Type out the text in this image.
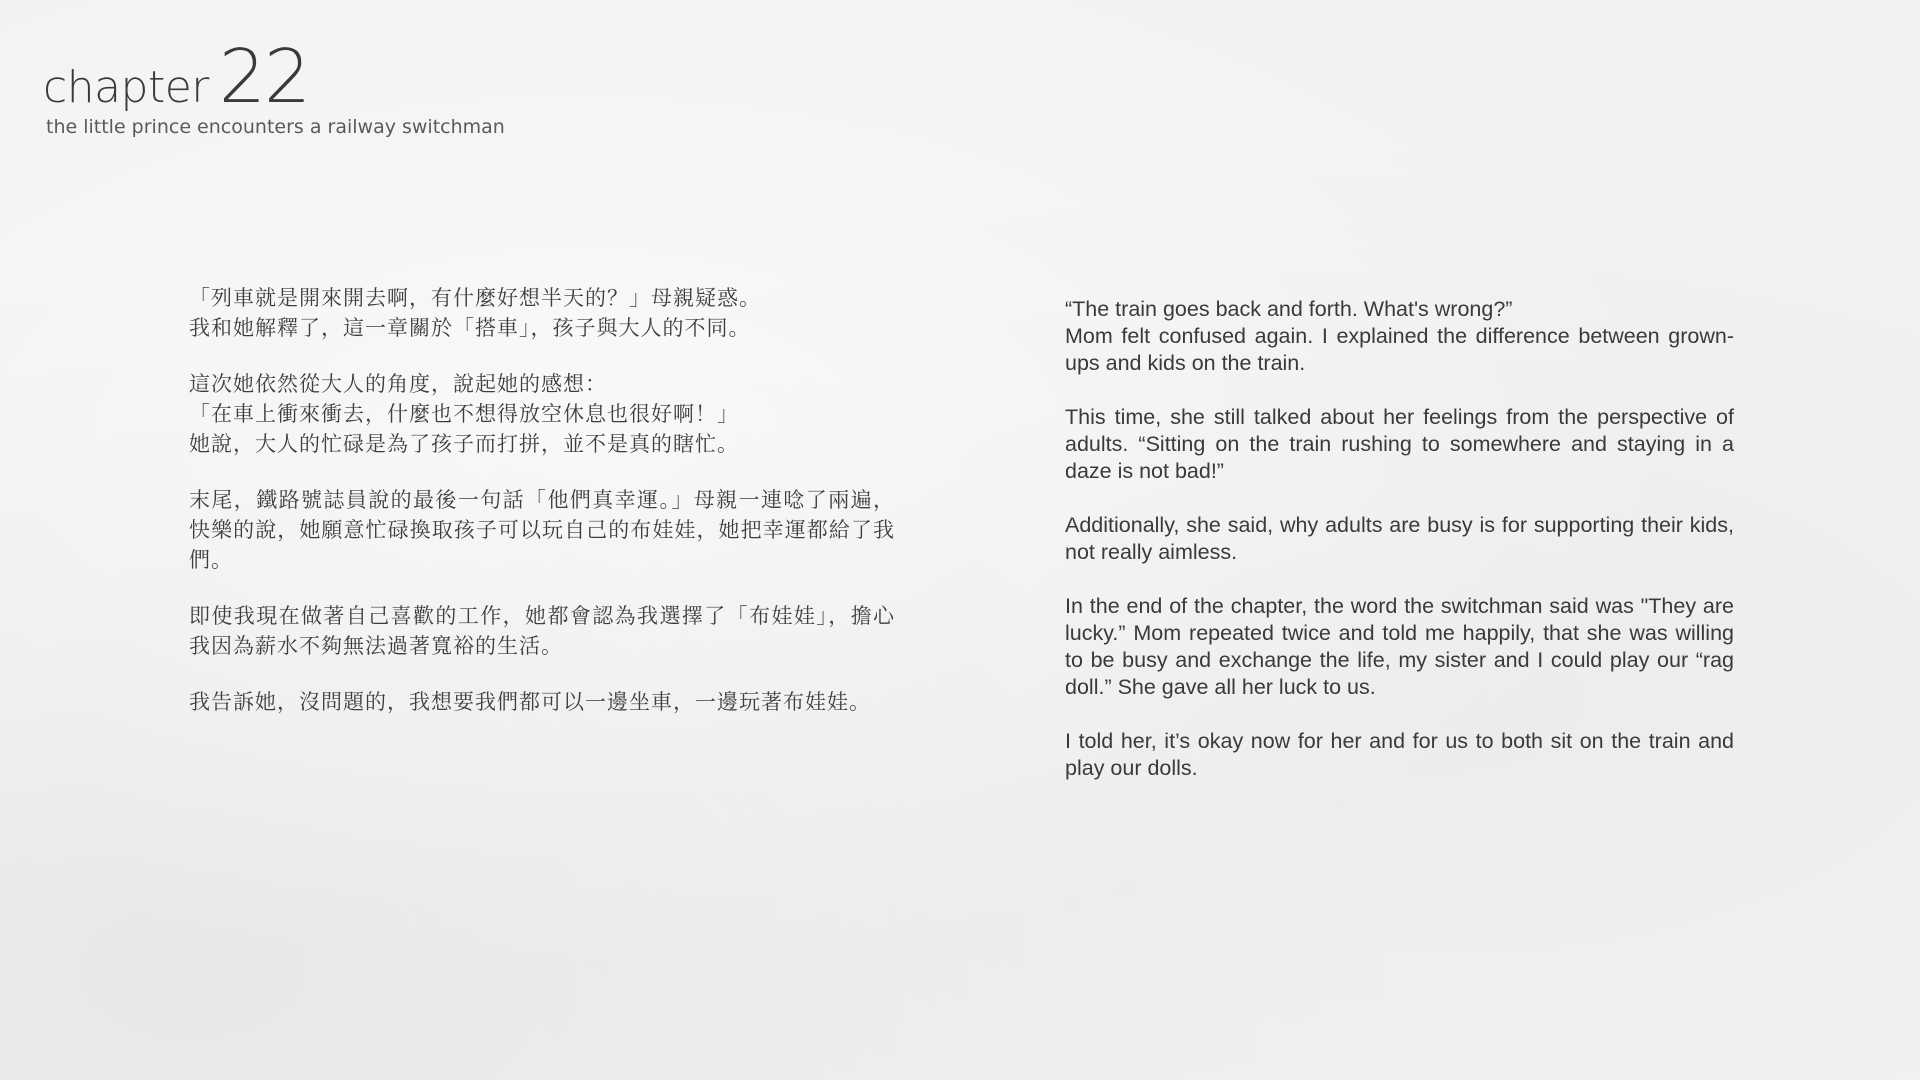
chapter 22
the little prince encounters a railway switchman

「列車就是開來開去啊，有什麼好想半天的？」母親疑惑。
我和她解釋了，這一章關於「搭車」，孩子與大人的不同。

這次她依然從大人的角度，說起她的感想：
「在車上衝來衝去，什麼也不想得放空休息也很好啊！」
她說，大人的忙碌是為了孩子而打拼，並不是真的瞎忙。

末尾，鐵路號誌員說的最後一句話「他們真幸運。」母親一連唸了兩遍，快樂的說，她願意忙碌換取孩子可以玩自己的布娃娃，她把幸運都給了我們。

即使我現在做著自己喜歡的工作，她都會認為我選擇了「布娃娃」，擔心我因為薪水不夠無法過著寬裕的生活。

我告訴她，沒問題的，我想要我們都可以一邊坐車，一邊玩著布娃娃。

“The train goes back and forth. What's wrong?”
Mom felt confused again. I explained the difference between grown-ups and kids on the train.

This time, she still talked about her feelings from the perspective of adults. “Sitting on the train rushing to somewhere and staying in a daze is not bad!”

Additionally, she said, why adults are busy is for supporting their kids, not really aimless.

In the end of the chapter, the word the switchman said was "They are lucky.” Mom repeated twice and told me happily, that she was willing to be busy and exchange the life, my sister and I could play our “rag doll.” She gave all her luck to us.

I told her, it’s okay now for her and for us to both sit on the train and play our dolls.
